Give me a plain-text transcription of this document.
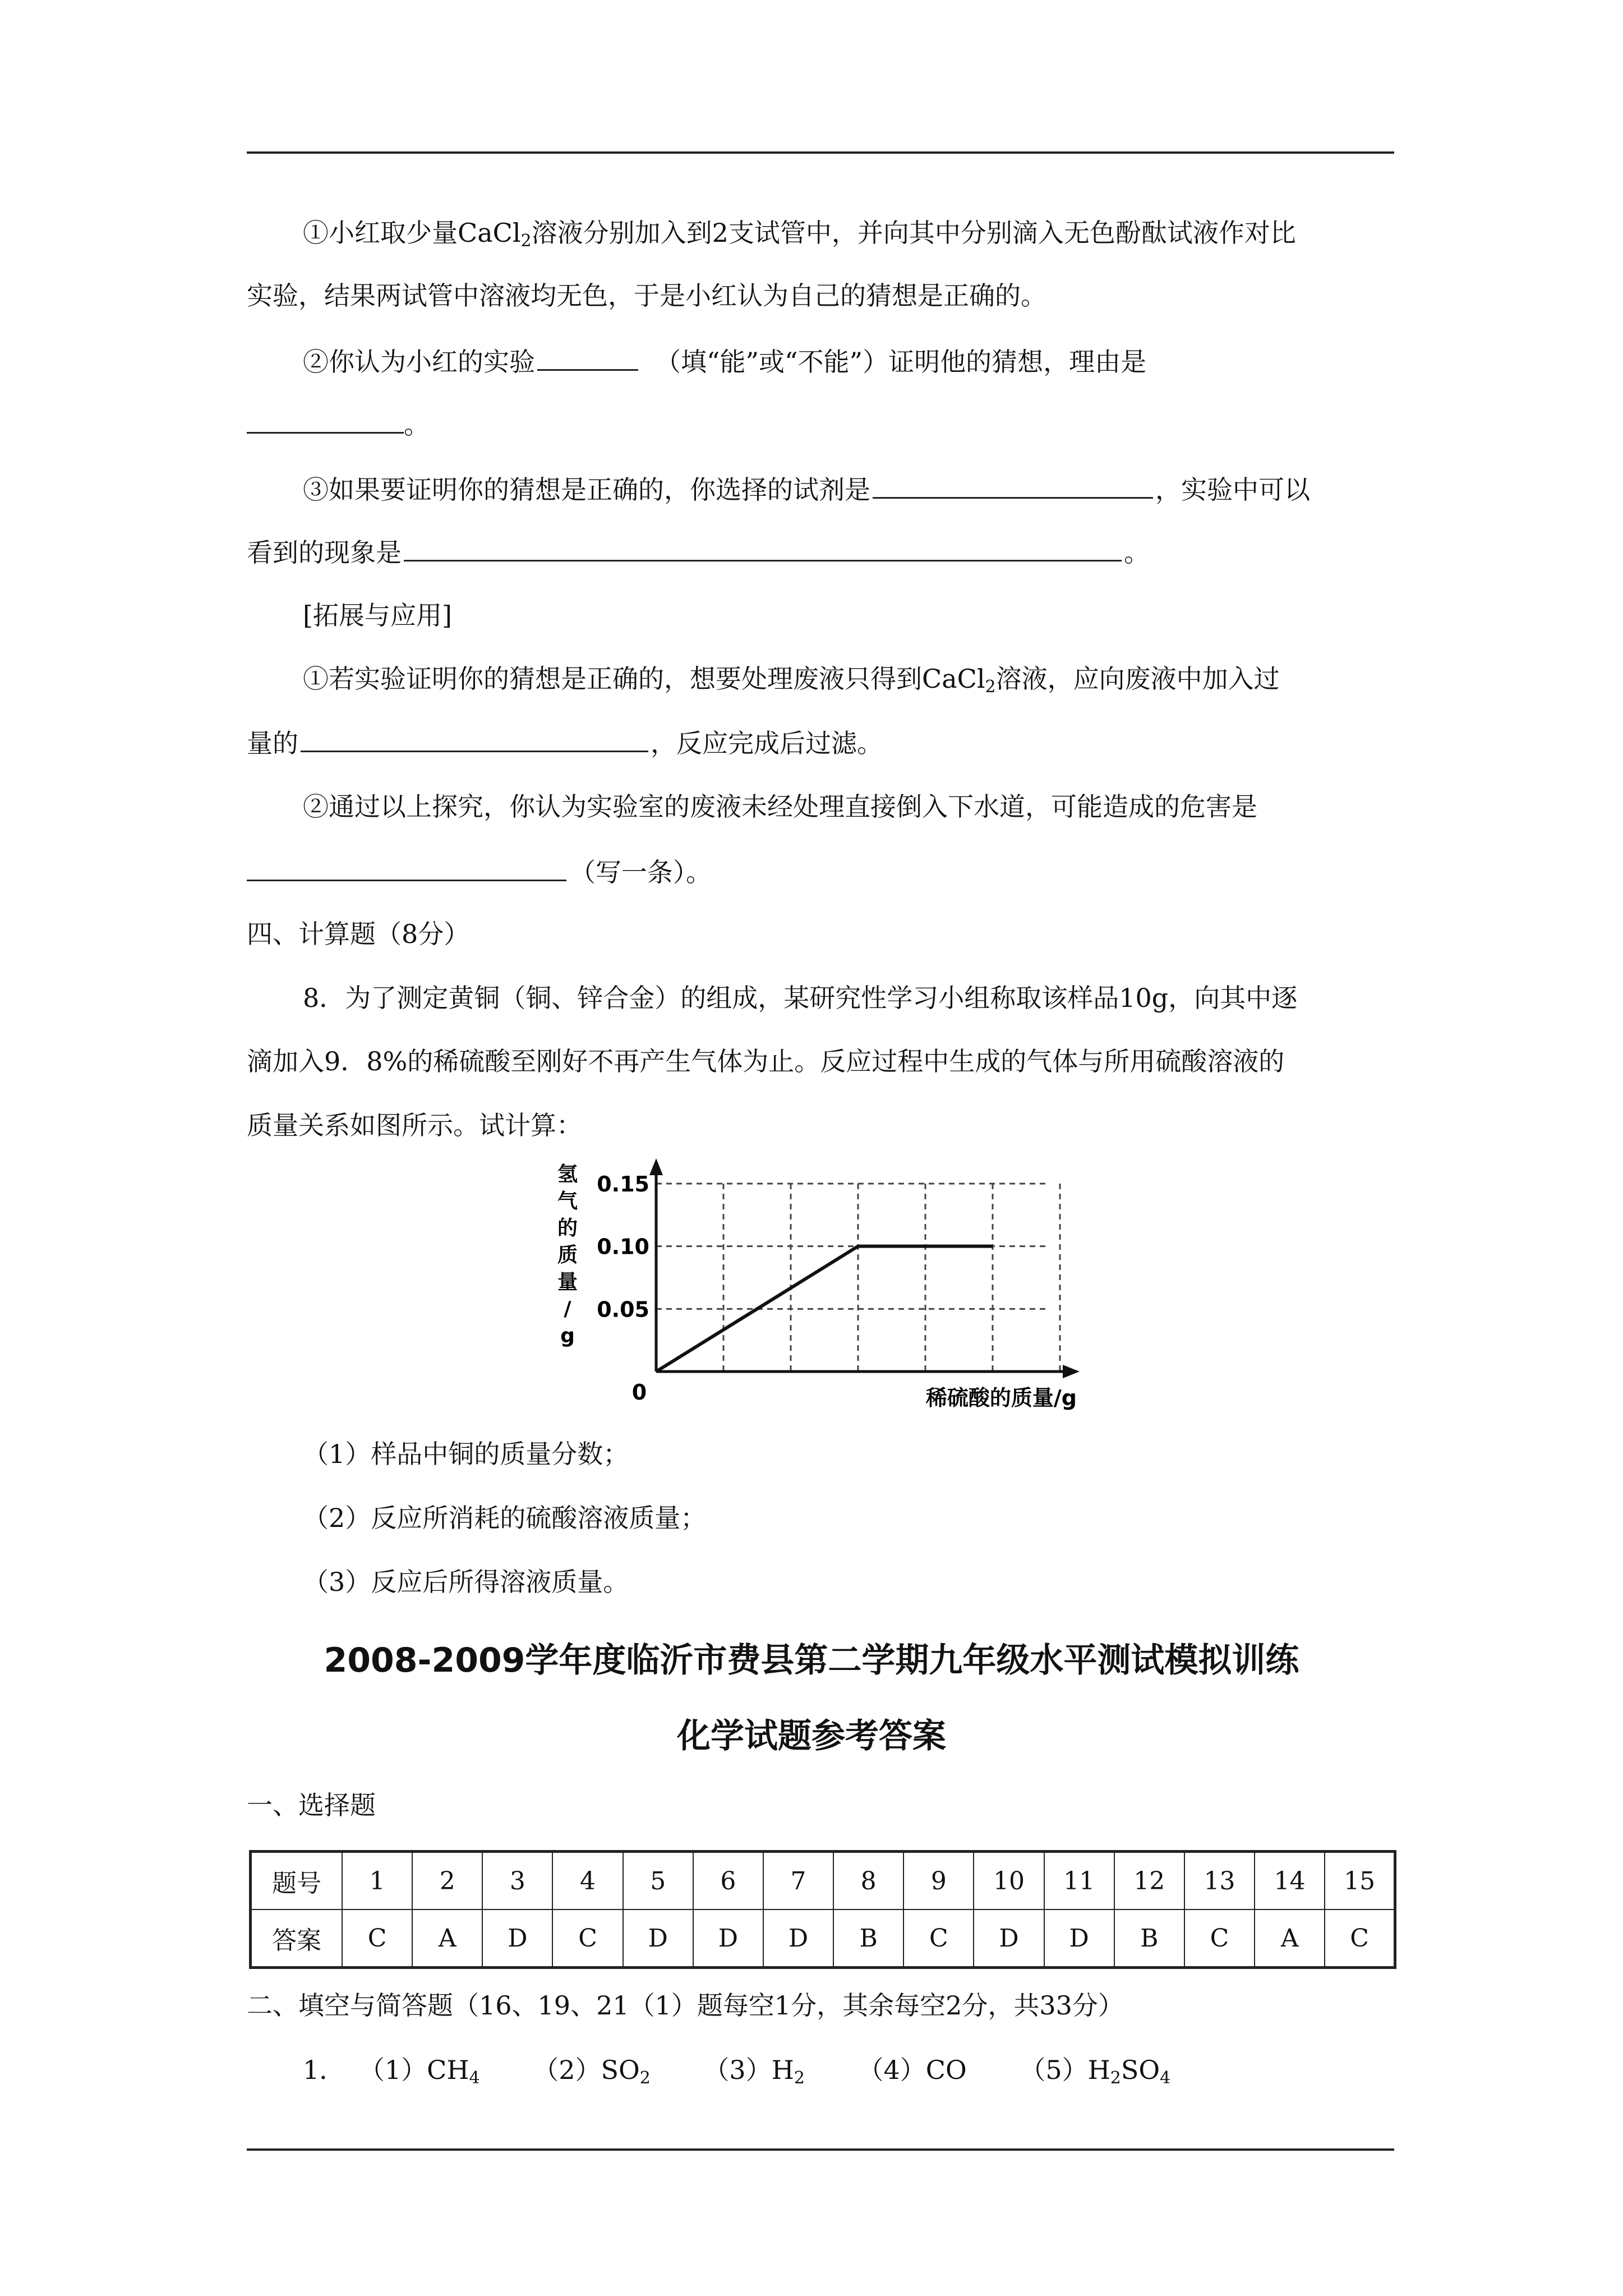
①小红取少量CaCl$_2$溶液分别加入到2支试管中，并向其中分别滴入无色酚酞试液作对比
实验，结果两试管中溶液均无色，于是小红认为自己的猜想是正确的。
②你认为小红的实验	（填“能”或“不能”）证明他的猜想，理由是
。
③如果要证明你的猜想是正确的，你选择的试剂是	，实验中可以
看到的现象是	。
[拓展与应用]
①若实验证明你的猜想是正确的，想要处理废液只得到CaCl$_2$溶液，应向废液中加入过
量的	，反应完成后过滤。
②通过以上探究，你认为实验室的废液未经处理直接倒入下水道，可能造成的危害是
（写一条）。
四、计算题（8分）
8．为了测定黄铜（铜、锌合金）的组成，某研究性学习小组称取该样品10g，向其中逐
滴加入9．8%的稀硫酸至刚好不再产生气体为止。反应过程中生成的气体与所用硫酸溶液的
质量关系如图所示。试计算：
0.15
0.10
0.05
0
氢气的质量/ g
稀硫酸的质量/g
（1）样品中铜的质量分数；
（2）反应所消耗的硫酸溶液质量；
（3）反应后所得溶液质量。
2008-2009学年度临沂市费县第二学期九年级水平测试模拟训练
化学试题参考答案
一、选择题
题号	1	2	3	4	5	6	7	8	9	10	11	12	13	14	15
答案	C	A	D	C	D	D	D	B	C	D	D	B	C	A	C
二、填空与简答题（16、19、21（1）题每空1分，其余每空2分，共33分）
1． $(1)CH_4$ $(2)SO_2$ $(3)H_2$ （4）CO $(5)H_2SO_4$
